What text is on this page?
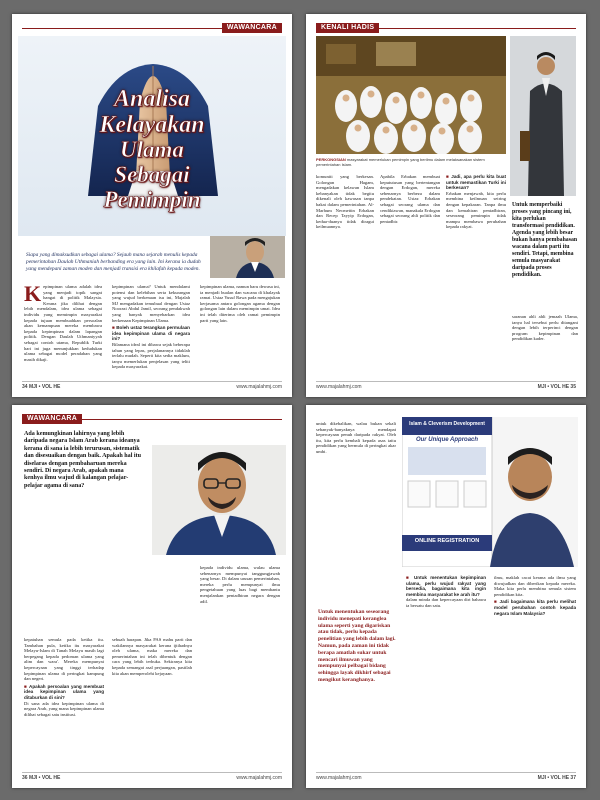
WAWANCARA
Analisa
Kelayakan
Ulama
Sebagai
Pemimpin
Siapa yang dimaksudkan sebagai ulama? Sejauh mana sejarah menulis kepada pemerintahan Daulah Uthmaniah berbanding era yang lain. Ini kerana ia dudah yang mendepani zaman moden dan menjadi transisi era khilafah kepada moden.
Kepimpinan ulama adalah idea yang menjadi topik sangat hangat di politik Malaysia. Kerana jika dilihat dengan lebih mendalam, idea ulama sebagai individu yang memimpin masyarakat kepada tujuan membuahkan persoalan akan kemampuan mereka membawa kepada kepimpinan dalam lapangan politik. Dengan Daulah Uthmaniyyah sebagai contoh utama, Republik Turki hari ini juga menunjukkan kedudukan ulama sebagai model peradaban yang masih dikaji.
kepimpinan ulama? Untuk mendalami potensi dan kelebihan serta kekurangan yang wujud berkenaan isu ini, Majalah MJ mengadakan temubual dengan Ustaz Noorazi Abdul Jamil, seorang pendakwah yang banyak menyebarkan idea berkenaan Kepimpinan Ulama.
■ Boleh ustaz terangkan permulaan idea kepimpinan ulama di negara ini?
Bilamana ideal ini dibawa sejak beberapa tahun yang lepas, perjalanannya tidaklah terlalu mudah. Seperti kita sedia maklum, ianya memerlukan penjelasan yang teliti kepada masyarakat.
kepimpinan ulama, namun baru dewasa ini, ia menjadi bualan dan wacana di khalayak ramai. Ustaz Yusuf Rawa pada mengajukan kerjasama antara golongan agama dengan golongan lain dalam memimpin umat. Idea ini telah diterima oleh ramai pemimpin parti yang lain.
34 MJI • VOL HE	www.majalahmj.com
KENALI HADIS
PERKONGSIAN masyarakat memerlukan pemimpin yang berilmu dalam melaksanakan sistem pemerintahan Islam.
komuniti yang berkesan. Golongan Hagam, mengadakan kelawan Islam kebanyakan tidak begitu dikenali oleh kawasan tanpa bakat dalam pemerintahan. Al-Marhum Necmettin Erbakan dan Recep Tayyip Erdogan, kedua-duanya tidak diragui keilmuannya.
Apabila Erbakan membuat kepututusan yang bertentangan dengan Erdogan, mereka sebenarnya berbeza dalam pendekatan. Ustaz Erbakan sebagai seorang ulama dan cendikiawan, manakala Erdogan sebagai seorang ahli politik dan pentadbir.
■ Jadi, apa perlu kita buat untuk memastikan Turki ini berkesan?
Erbakan menjawab, kita perlu membina keilmuan seiring dengan kepakaran. Tanpa ilmu dan kemahiran pentadbiran, seseorang pemimpin tidak mampu membawa perubahan kepada rakyat.
Untuk memperbaiki proses yang pincang ini, kita perlukan transformasi pendidikan. Agenda yang lebih besar bukan hanya pembahasan wacana dalam parti itu sendiri. Tetapi, membina semula masyarakat daripada proses pendidikan.
saranan ahli ahli jemaah Ulama, ianya hal tersebut perlu ditangani dengan lebih terperinci dengan program kepimpinan dan pendidikan kader.
www.majalahmj.com	MJI • VOL HE 35
WAWANCARA
Ada kemungkinan lahirnya yang lebih daripada negara Islam Arab kerana ideanya kerana di sana ia lebih terurusan, sistematik dan disesuaikan dengan baik. Apakah hal itu diselaras dengan pembaharuan mereka sendiri. Di negara Arab, apakah mana kenhya ilmu wajud di kalangan pelajar-pelajar agama di sana?
kepatuhan semula pada ketika itu. Tambahan pula, ketika itu masyarakat Melayu-Islam di Tanah Melayu masih lagi berpegang kepada pedoman ulama yang alim dan wara'. Mereka mempunyai kepercayaan yang tinggi terhadap kepimpinan ulama di peringkat kampung dan negeri.
■ Apakah persoalan yang membuat idea kepimpinan ulama yang ditaburkan di sini?
Di sana ada idea kepimpinan ulama di negara Arab, yang mana kepimpinan ulama dilihat sebagai satu institusi.
sebuah harapan. Jika PAS mahu parti dan wakilannya masyarakat kerana ijtihadnya oleh ulama, maka mereka dan pemerintahan ini telah dibentuk dengan cara yang lebih terbuka. Sekiranya kita kepada semangat asal perjuangan, pastilah kita akan memperolehi kejayaan.
kepada individu ulama, walau ulama sebenarnya mempunyai tanggungjawab yang besar. Di dalam urusan pemerintahan, mereka perlu mempunyai ilmu pengetahuan yang luas bagi membantu menjalankan pentadbiran negara dengan adil.
36 MJI • VOL HE	www.majalahmj.com
untuk dikebalikan, walau bukan sekali sebanyak-banyaknya mendapat kepercayaan penuh daripada rakyat. Oleh itu, kita perlu kembali kepada asas iaitu pendidikan yang bermula di peringkat akar umbi.
Islam & Cleverism Development
Our Unique Approach
ONLINE REGISTRATION
Untuk menentukan seseorang individu menepati keranglea ulama seperti yang digariskan atau tidak, perlu kepada penelitian yang lebih dalam lagi. Namun, pada zaman ini tidak berapa amatlah sukar untuk mencari ilmuwan yang mempunyai pelbagai bidang sehingga layak dikhirf sebagai mengikut keranghanya.
■ Untuk menentukan kepimpinan ulama, perlu wujud rakyat yang bersedia, bagaimana kita ingin membina masyarakat ke arah itu?
dalam minda dan kepercayaan diri bahawa ia bersatu dan satu.
ilmu, maklah cacat kerana ada ilmu yang diwujudkan dan diberikan kepada mereka. Maka kita perlu membina semula sistem pendidikan kita.
■ Jadi bagaimana kita perlu melihat model perubahan contoh kepada negara Islam Malaysia?
www.majalahmj.com	MJI • VOL HE 37
